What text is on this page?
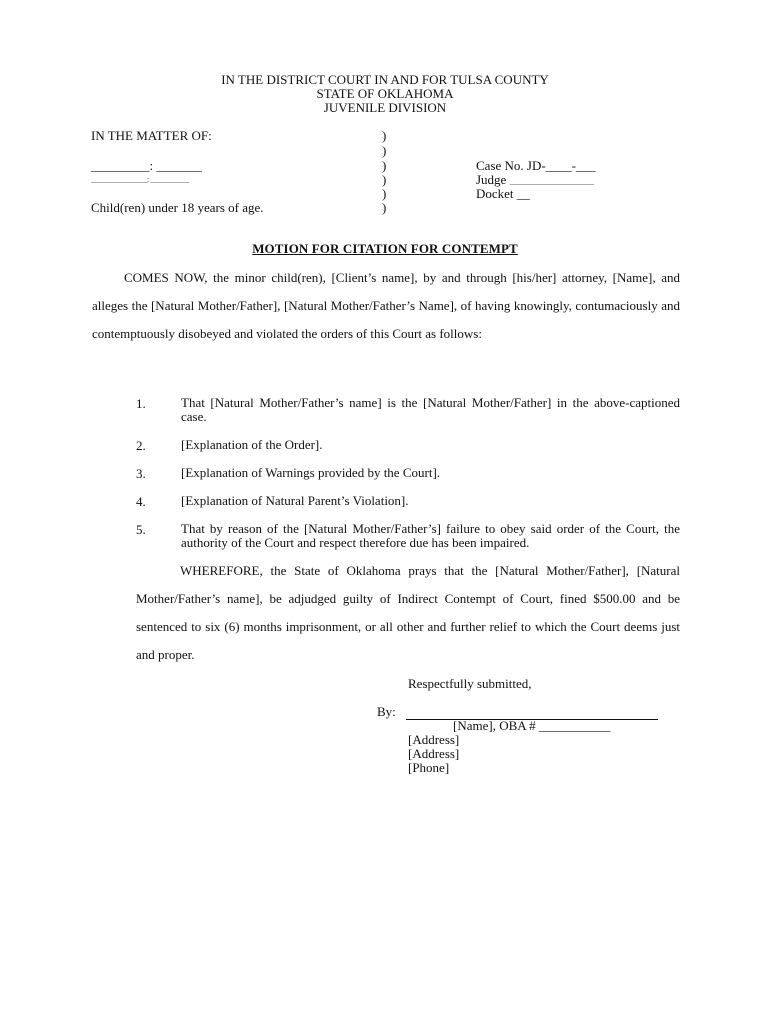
IN THE DISTRICT COURT IN AND FOR TULSA COUNTY
STATE OF OKLAHOMA
JUVENILE DIVISION
IN THE MATTER OF:
_________: _______
________________: ___________
Child(ren) under 18 years of age.
)
)
)
)
)
)
Case No. JD-____-___
Judge ________________________
Docket __
MOTION FOR CITATION FOR CONTEMPT
COMES NOW, the minor child(ren), [Client’s name], by and through [his/her] attorney, [Name], and alleges the [Natural Mother/Father], [Natural Mother/Father’s Name], of having knowingly, contumaciously and contemptuously disobeyed and violated the orders of this Court as follows:
1.	That [Natural Mother/Father’s name] is the [Natural Mother/Father] in the above-captioned case.
2.	[Explanation of the Order].
3.	[Explanation of Warnings provided by the Court].
4.	[Explanation of Natural Parent’s Violation].
5.	That by reason of the [Natural Mother/Father’s] failure to obey said order of the Court, the authority of the Court and respect therefore due has been impaired.
WHEREFORE, the State of Oklahoma prays that the [Natural Mother/Father], [Natural Mother/Father’s name], be adjudged guilty of Indirect Contempt of Court, fined $500.00 and be sentenced to six (6) months imprisonment, or all other and further relief to which the Court deems just and proper.
Respectfully submitted,
By:
[Name], OBA # ___________
[Address]
[Address]
[Phone]
